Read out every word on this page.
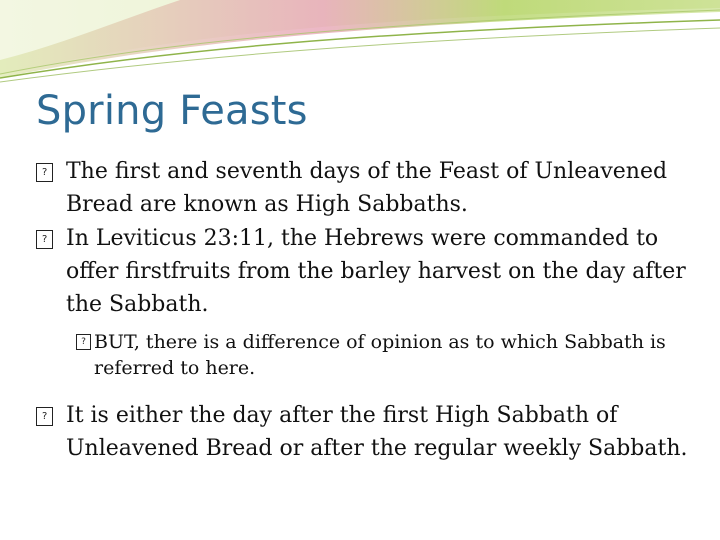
Spring Feasts
? The first and seventh days of the Feast of Unleavened Bread are known as High Sabbaths.
? In Leviticus 23:11, the Hebrews were commanded to offer firstfruits from the barley harvest on the day after the Sabbath.
? BUT, there is a difference of opinion as to which Sabbath is referred to here.
? It is either the day after the first High Sabbath of Unleavened Bread or after the regular weekly Sabbath.
